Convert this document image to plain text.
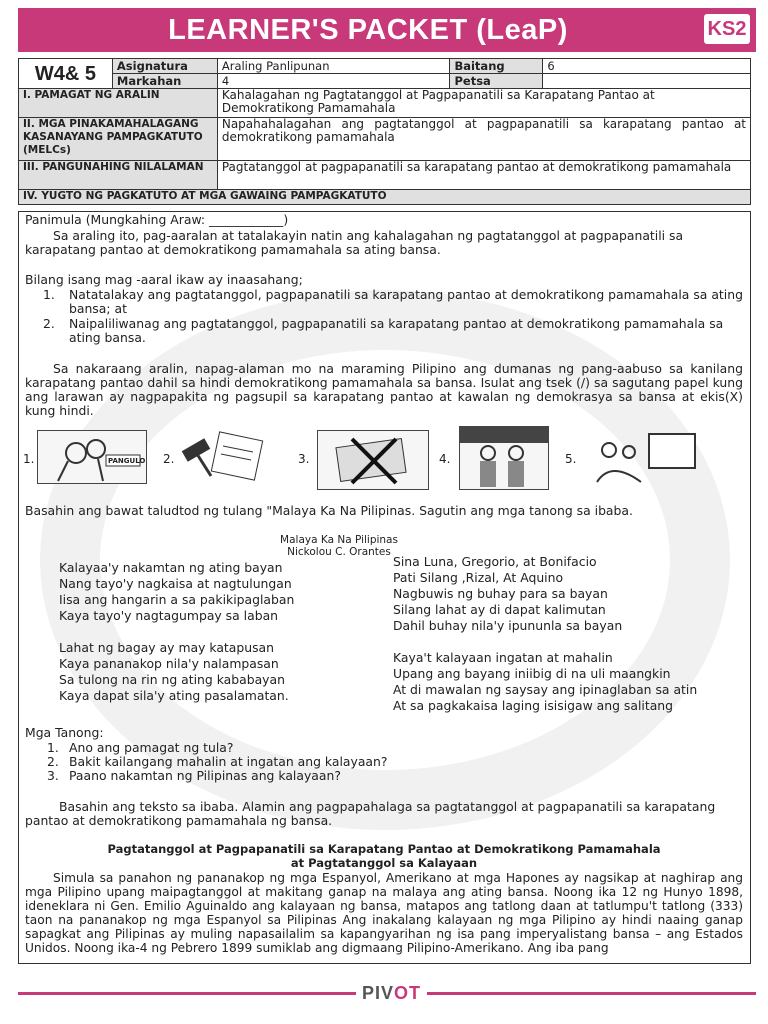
LEARNER'S PACKET (LeaP)	KS2
W4& 5	Asignatura	Araling Panlipunan	Baitang	6
	Markahan	4	Petsa	
I. PAMAGAT NG ARALIN		Kahalagahan ng Pagtatanggol at Pagpapanatili sa Karapatang Pantao at Demokratikong Pamamahala		
II. MGA PINAKAMAHALAGANG KASANAYANG PAMPAGKATUTO (MELCs)		Napahahalagahan ang pagtatanggol at pagpapanatili sa karapatang pantao at demokratikong pamamahala		
III. PANGUNAHING NILALAMAN		Pagtatanggol at pagpapanatili sa karapatang pantao at demokratikong pamamahala		
IV. YUGTO NG PAGKATUTO AT MGA GAWAING PAMPAGKATUTO				

Panimula (Mungkahing Araw: ____________)

Sa araling ito, pag-aaralan at tatalakayin natin ang kahalagahan ng pagtatanggol at pagpapanatili sa karapatang pantao at demokratikong pamamahala sa ating bansa.

Bilang isang mag -aaral ikaw ay inaasahang;

1.	Natatalakay ang pagtatanggol, pagpapanatili sa karapatang pantao at demokratikong pamamahala sa ating bansa; at
2.	Naipaliliwanag ang pagtatanggol, pagpapanatili sa karapatang pantao at demokratikong pamamahala sa ating bansa.

Sa nakaraang aralin, napag-alaman mo na maraming Pilipino ang dumanas ng pang-aabuso sa kanilang karapatang pantao dahil sa hindi demokratikong pamamahala sa bansa. Isulat ang tsek (/) sa sagutang papel kung ang larawan ay nagpapakita ng pagsupil sa karapatang pantao at kawalan ng demokrasya sa bansa at ekis(X) kung hindi.

1.	PANGULO 2.	3.	4.	5.

Basahin ang bawat taludtod ng tulang "Malaya Ka Na Pilipinas. Sagutin ang mga tanong sa ibaba.

Malaya Ka Na Pilipinas

Nickolou C. Orantes

Kalayaa'y nakamtan ng ating bayan
Nang tayo'y nagkaisa at nagtulungan
Iisa ang hangarin a sa pakikipaglaban
Kaya tayo'y nagtagumpay sa laban
Lahat ng bagay ay may katapusan
Kaya pananakop nila'y nalampasan
Sa tulong na rin ng ating kababayan
Kaya dapat sila'y ating pasalamatan.
Sina Luna, Gregorio, at Bonifacio
Pati Silang ,Rizal, At Aquino
Nagbuwis ng buhay para sa bayan
Silang lahat ay di dapat kalimutan
Dahil buhay nila'y ipununla sa bayan
Kaya't kalayaan ingatan at mahalin
Upang ang bayang iniibig di na uli maangkin
At di mawalan ng saysay ang ipinaglaban sa atin
At sa pagkakaisa laging isisigaw ang salitang

Mga Tanong:

1. Ano ang pamagat ng tula?
2. Bakit kailangang mahalin at ingatan ang kalayaan?
3. Paano nakamtan ng Pilipinas ang kalayaan?

Basahin ang teksto sa ibaba. Alamin ang pagpapahalaga sa pagtatanggol at pagpapanatili sa karapatang pantao at demokratikong pamamahala ng bansa.

Pagtatanggol at Pagpapanatili sa Karapatang Pantao at Demokratikong Pamamahala

at Pagtatanggol sa Kalayaan

Simula sa panahon ng pananakop ng mga Espanyol, Amerikano at mga Hapones ay nagsikap at naghirap ang mga Pilipino upang maipagtanggol at makitang ganap na malaya ang ating bansa. Noong ika 12 ng Hunyo 1898, ideneklara ni Gen. Emilio Aguinaldo ang kalayaan ng bansa, matapos ang tatlong daan at tatlumpu't tatlong (333) taon na pananakop ng mga Espanyol sa Pilipinas Ang inakalang kalayaan ng mga Pilipino ay hindi naaing ganap sapagkat ang Pilipinas ay muling napasailalim sa kapangyarihan ng isa pang imperyalistang bansa – ang Estados Unidos. Noong ika-4 ng Pebrero 1899 sumiklab ang digmaang Pilipino-Amerikano. Ang iba pang

PIVOT
